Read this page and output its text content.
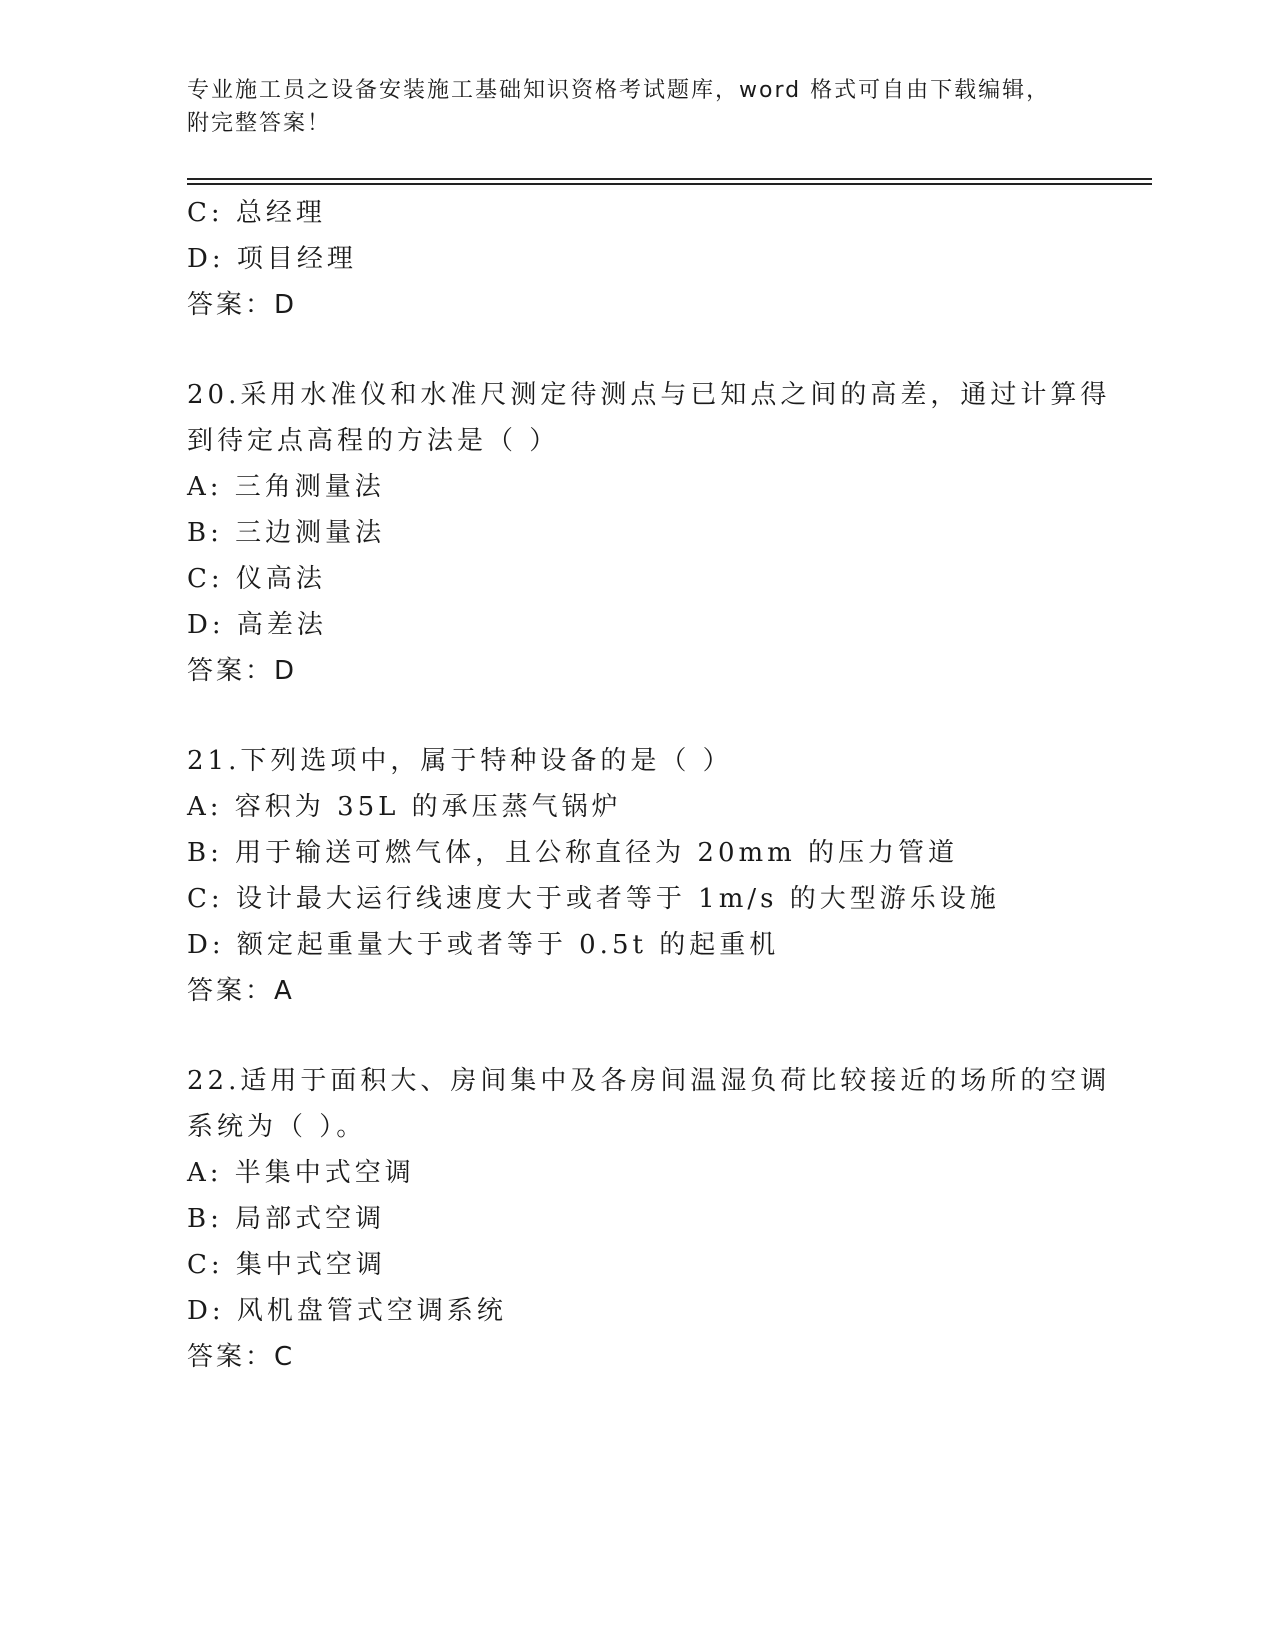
专业施工员之设备安装施工基础知识资格考试题库，word 格式可自由下载编辑，
附完整答案！
C: 总经理
D: 项目经理
答案：D
20.采用水准仪和水准尺测定待测点与已知点之间的高差，通过计算得
到待定点高程的方法是（ ）
A: 三角测量法
B: 三边测量法
C: 仪高法
D: 高差法
答案：D
21.下列选项中，属于特种设备的是（ ）
A: 容积为 35L 的承压蒸气锅炉
B: 用于输送可燃气体，且公称直径为 20mm 的压力管道
C: 设计最大运行线速度大于或者等于 1m/s 的大型游乐设施
D: 额定起重量大于或者等于 0.5t 的起重机
答案：A
22.适用于面积大、房间集中及各房间温湿负荷比较接近的场所的空调
系统为（ ）。
A: 半集中式空调
B: 局部式空调
C: 集中式空调
D: 风机盘管式空调系统
答案：C
